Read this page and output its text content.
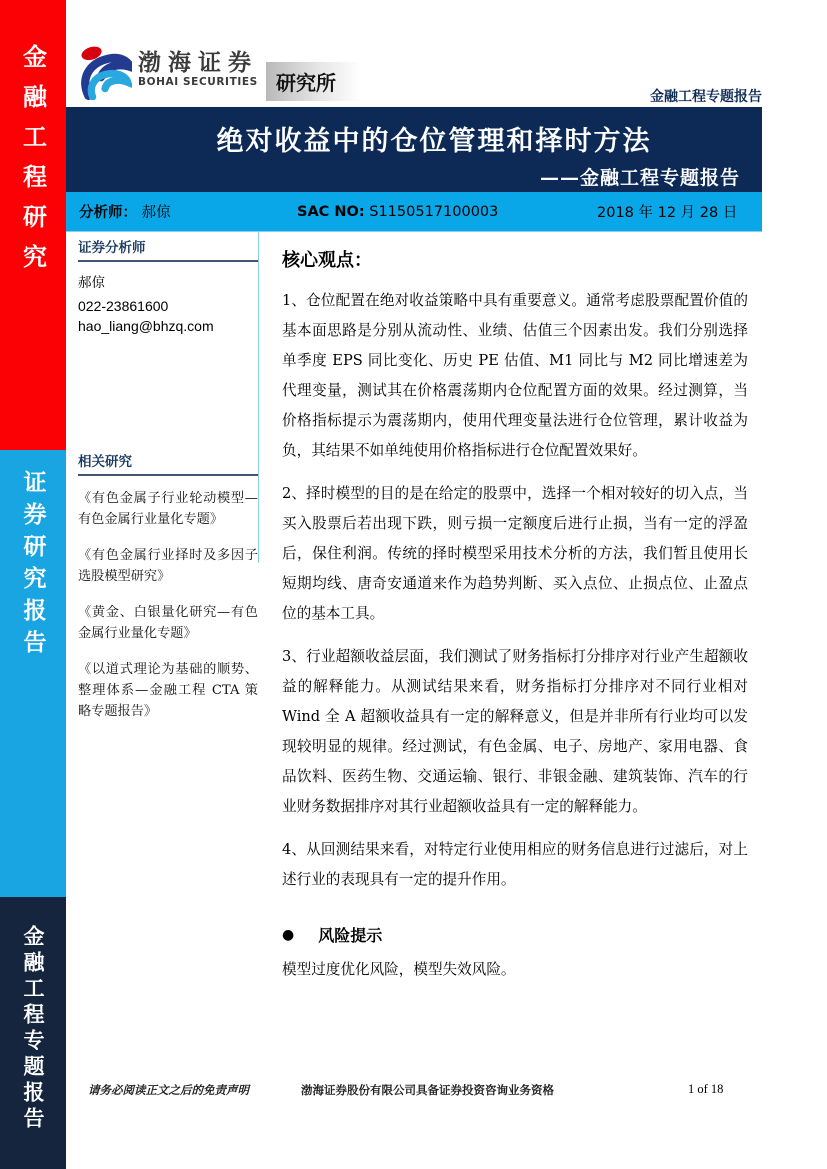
金融工程研究
证券研究报告
金融工程专题报告
渤海证券
BOHAI SECURITIES 研究所
金融工程专题报告
绝对收益中的仓位管理和择时方法
——金融工程专题报告
分析师： 郝倞	SAC NO: S1150517100003	2018 年 12 月 28 日
证券分析师
郝倞
022-23861600
hao_liang@bhzq.com
相关研究
《有色金属子行业轮动模型—有色金属行业量化专题》
《有色金属行业择时及多因子选股模型研究》
《黄金、白银量化研究—有色金属行业量化专题》
《以道式理论为基础的顺势、整理体系—金融工程 CTA 策略专题报告》
核心观点：

1、仓位配置在绝对收益策略中具有重要意义。通常考虑股票配置价值的基本面思路是分别从流动性、业绩、估值三个因素出发。我们分别选择单季度 EPS 同比变化、历史 PE 估值、M1 同比与 M2 同比增速差为代理变量，测试其在价格震荡期内仓位配置方面的效果。经过测算，当价格指标提示为震荡期内，使用代理变量法进行仓位管理，累计收益为负，其结果不如单纯使用价格指标进行仓位配置效果好。

2、择时模型的目的是在给定的股票中，选择一个相对较好的切入点，当买入股票后若出现下跌，则亏损一定额度后进行止损，当有一定的浮盈后，保住利润。传统的择时模型采用技术分析的方法，我们暂且使用长短期均线、唐奇安通道来作为趋势判断、买入点位、止损点位、止盈点位的基本工具。

3、行业超额收益层面，我们测试了财务指标打分排序对行业产生超额收益的解释能力。从测试结果来看，财务指标打分排序对不同行业相对 Wind 全 A 超额收益具有一定的解释意义，但是并非所有行业均可以发现较明显的规律。经过测试，有色金属、电子、房地产、家用电器、食品饮料、医药生物、交通运输、银行、非银金融、建筑装饰、汽车的行业财务数据排序对其行业超额收益具有一定的解释能力。

4、从回测结果来看，对特定行业使用相应的财务信息进行过滤后，对上述行业的表现具有一定的提升作用。

● 风险提示
模型过度优化风险，模型失效风险。
请务必阅读正文之后的免责声明	渤海证券股份有限公司具备证券投资咨询业务资格	1 of 18
